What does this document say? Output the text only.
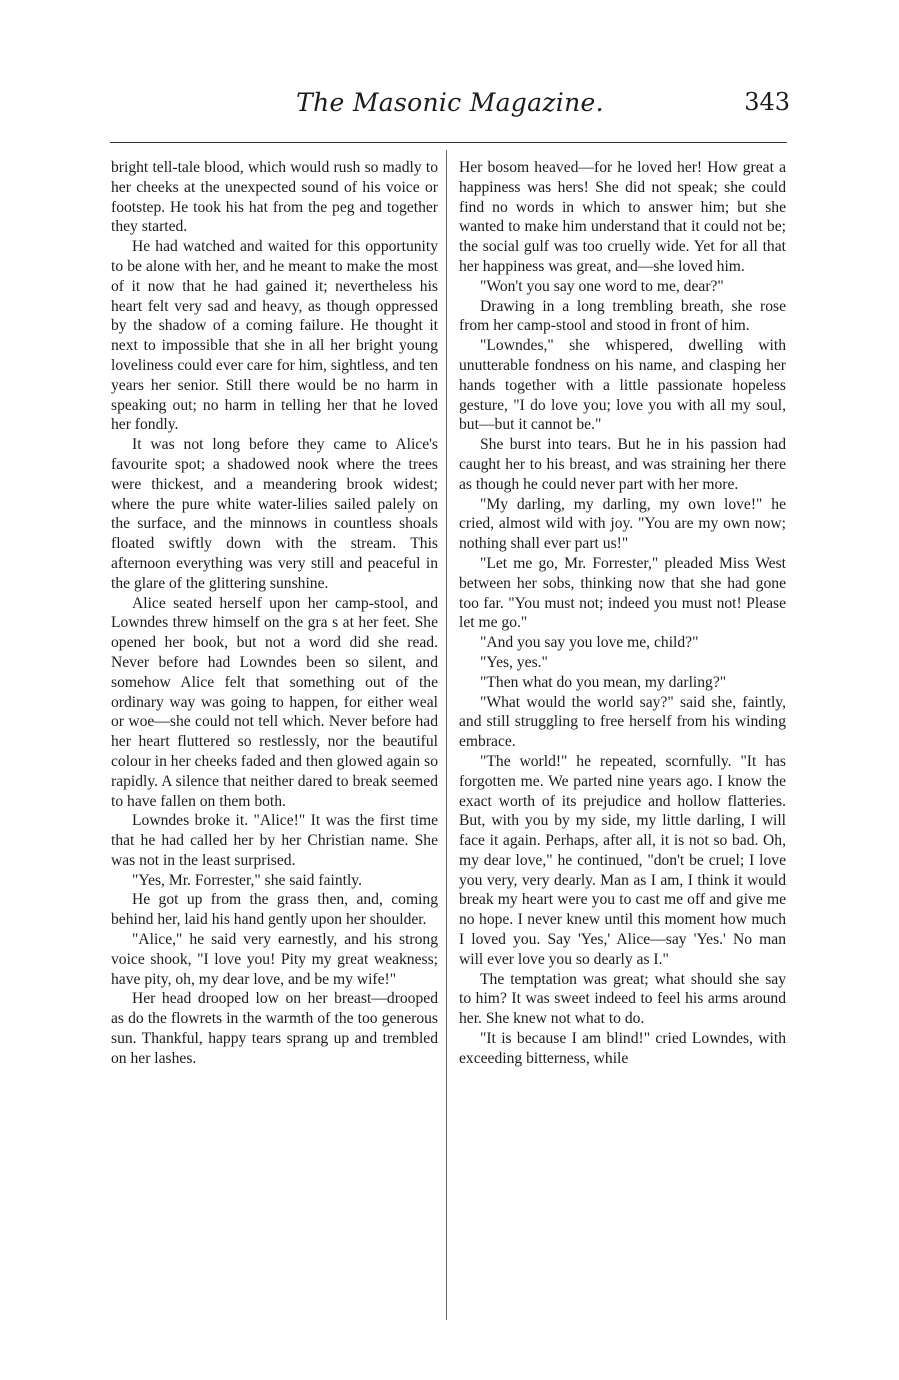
The Masonic Magazine.	343

bright tell-tale blood, which would rush so madly to her cheeks at the unexpected sound of his voice or footstep. He took his hat from the peg and together they started.

He had watched and waited for this opportunity to be alone with her, and he meant to make the most of it now that he had gained it; nevertheless his heart felt very sad and heavy, as though oppressed by the shadow of a coming failure. He thought it next to impossible that she in all her bright young loveliness could ever care for him, sightless, and ten years her senior. Still there would be no harm in speaking out; no harm in telling her that he loved her fondly.

It was not long before they came to Alice's favourite spot; a shadowed nook where the trees were thickest, and a meandering brook widest; where the pure white water-lilies sailed palely on the surface, and the minnows in countless shoals floated swiftly down with the stream. This afternoon everything was very still and peaceful in the glare of the glittering sunshine.

Alice seated herself upon her camp-stool, and Lowndes threw himself on the gra s at her feet. She opened her book, but not a word did she read. Never before had Lowndes been so silent, and somehow Alice felt that something out of the ordinary way was going to happen, for either weal or woe—she could not tell which. Never before had her heart fluttered so restlessly, nor the beautiful colour in her cheeks faded and then glowed again so rapidly. A silence that neither dared to break seemed to have fallen on them both.

Lowndes broke it. "Alice!" It was the first time that he had called her by her Christian name. She was not in the least surprised.

"Yes, Mr. Forrester," she said faintly.

He got up from the grass then, and, coming behind her, laid his hand gently upon her shoulder.

"Alice," he said very earnestly, and his strong voice shook, "I love you! Pity my great weakness; have pity, oh, my dear love, and be my wife!"

Her head drooped low on her breast—drooped as do the flowrets in the warmth of the too generous sun. Thankful, happy tears sprang up and trembled on her lashes.

Her bosom heaved—for he loved her! How great a happiness was hers! She did not speak; she could find no words in which to answer him; but she wanted to make him understand that it could not be; the social gulf was too cruelly wide. Yet for all that her happiness was great, and—she loved him.

"Won't you say one word to me, dear?"

Drawing in a long trembling breath, she rose from her camp-stool and stood in front of him.

"Lowndes," she whispered, dwelling with unutterable fondness on his name, and clasping her hands together with a little passionate hopeless gesture, "I do love you; love you with all my soul, but—but it cannot be."

She burst into tears. But he in his passion had caught her to his breast, and was straining her there as though he could never part with her more.

"My darling, my darling, my own love!" he cried, almost wild with joy. "You are my own now; nothing shall ever part us!"

"Let me go, Mr. Forrester," pleaded Miss West between her sobs, thinking now that she had gone too far. "You must not; indeed you must not! Please let me go."

"And you say you love me, child?"

"Yes, yes."

"Then what do you mean, my darling?"

"What would the world say?" said she, faintly, and still struggling to free herself from his winding embrace.

"The world!" he repeated, scornfully. "It has forgotten me. We parted nine years ago. I know the exact worth of its prejudice and hollow flatteries. But, with you by my side, my little darling, I will face it again. Perhaps, after all, it is not so bad. Oh, my dear love," he continued, "don't be cruel; I love you very, very dearly. Man as I am, I think it would break my heart were you to cast me off and give me no hope. I never knew until this moment how much I loved you. Say 'Yes,' Alice—say 'Yes.' No man will ever love you so dearly as I."

The temptation was great; what should she say to him? It was sweet indeed to feel his arms around her. She knew not what to do.

"It is because I am blind!" cried Lowndes, with exceeding bitterness, while
